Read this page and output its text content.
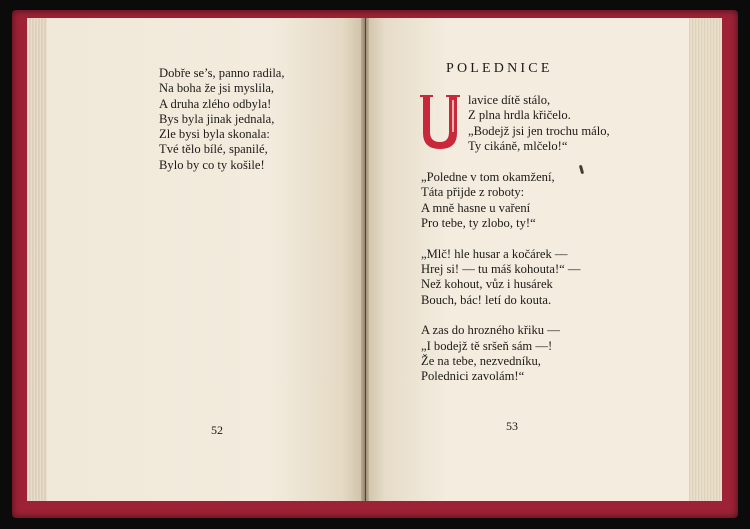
Dobře se’s, panno radila,
Na boha že jsi myslila,
A druha zlého odbyla!
Bys byla jinak jednala,
Zle bysi byla skonala:
Tvé tělo bílé, spanilé,
Bylo by co ty košile!
52
POLEDNICE
U
lavice dítě stálo,
Z plna hrdla křičelo.
„Bodejž jsi jen trochu málo,
Ty cikáně, mlčelo!“
„Poledne v tom okamžení,
Táta přijde z roboty:
A mně hasne u vaření
Pro tebe, ty zlobo, ty!“
„Mlč! hle husar a kočárek —
Hrej si! — tu máš kohouta!“ —
Než kohout, vůz i husárek
Bouch, bác! letí do kouta.
A zas do hrozného křiku —
„I bodejž tě sršeň sám —!
Že na tebe, nezvedníku,
Polednici zavolám!“
53
